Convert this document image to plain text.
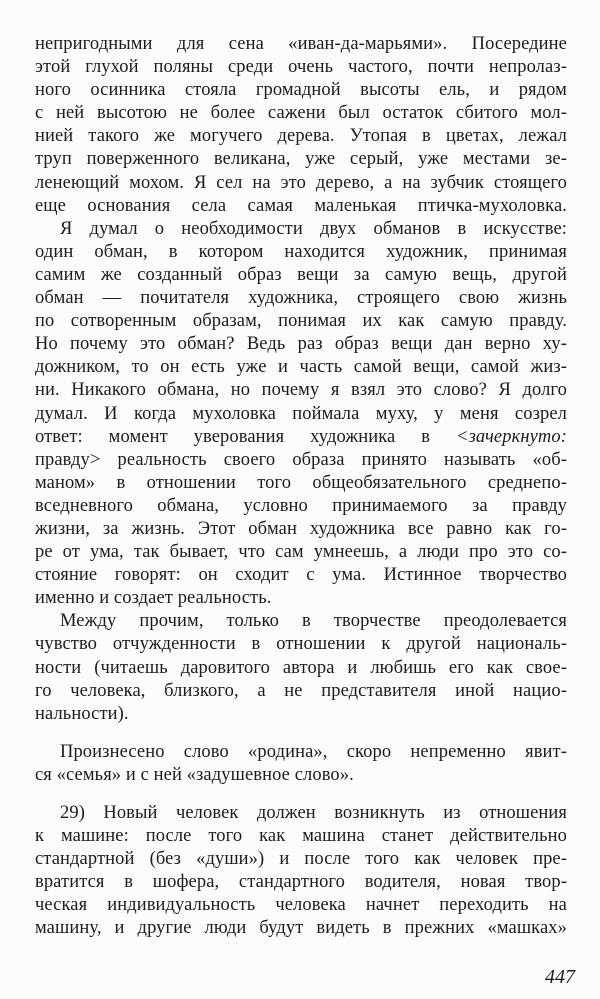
непригодными для сена «иван-да-марьями». Посередине
этой глухой поляны среди очень частого, почти непролаз-
ного осинника стояла громадной высоты ель, и рядом
с ней высотою не более сажени был остаток сбитого мол-
нией такого же могучего дерева. Утопая в цветах, лежал
труп поверженного великана, уже серый, уже местами зе-
ленеющий мохом. Я сел на это дерево, а на зубчик стоящего
еще основания села самая маленькая птичка-мухоловка.
Я думал о необходимости двух обманов в искусстве:
один обман, в котором находится художник, принимая
самим же созданный образ вещи за самую вещь, другой
обман — почитателя художника, строящего свою жизнь
по сотворенным образам, понимая их как самую правду.
Но почему это обман? Ведь раз образ вещи дан верно ху-
дожником, то он есть уже и часть самой вещи, самой жиз-
ни. Никакого обмана, но почему я взял это слово? Я долго
думал. И когда мухоловка поймала муху, у меня созрел
ответ: момент уверования художника в <зачеркнуто:
правду> реальность своего образа принято называть «об-
маном» в отношении того общеобязательного среднепо-
вседневного обмана, условно принимаемого за правду
жизни, за жизнь. Этот обман художника все равно как го-
ре от ума, так бывает, что сам умнеешь, а люди про это со-
стояние говорят: он сходит с ума. Истинное творчество
именно и создает реальность.
Между прочим, только в творчестве преодолевается
чувство отчужденности в отношении к другой националь-
ности (читаешь даровитого автора и любишь его как свое-
го человека, близкого, а не представителя иной нацио-
нальности).
Произнесено слово «родина», скоро непременно явит-
ся «семья» и с ней «задушевное слово».
29) Новый человек должен возникнуть из отношения
к машине: после того как машина станет действительно
стандартной (без «души») и после того как человек пре-
вратится в шофера, стандартного водителя, новая твор-
ческая индивидуальность человека начнет переходить на
машину, и другие люди будут видеть в прежних «машках»
447
